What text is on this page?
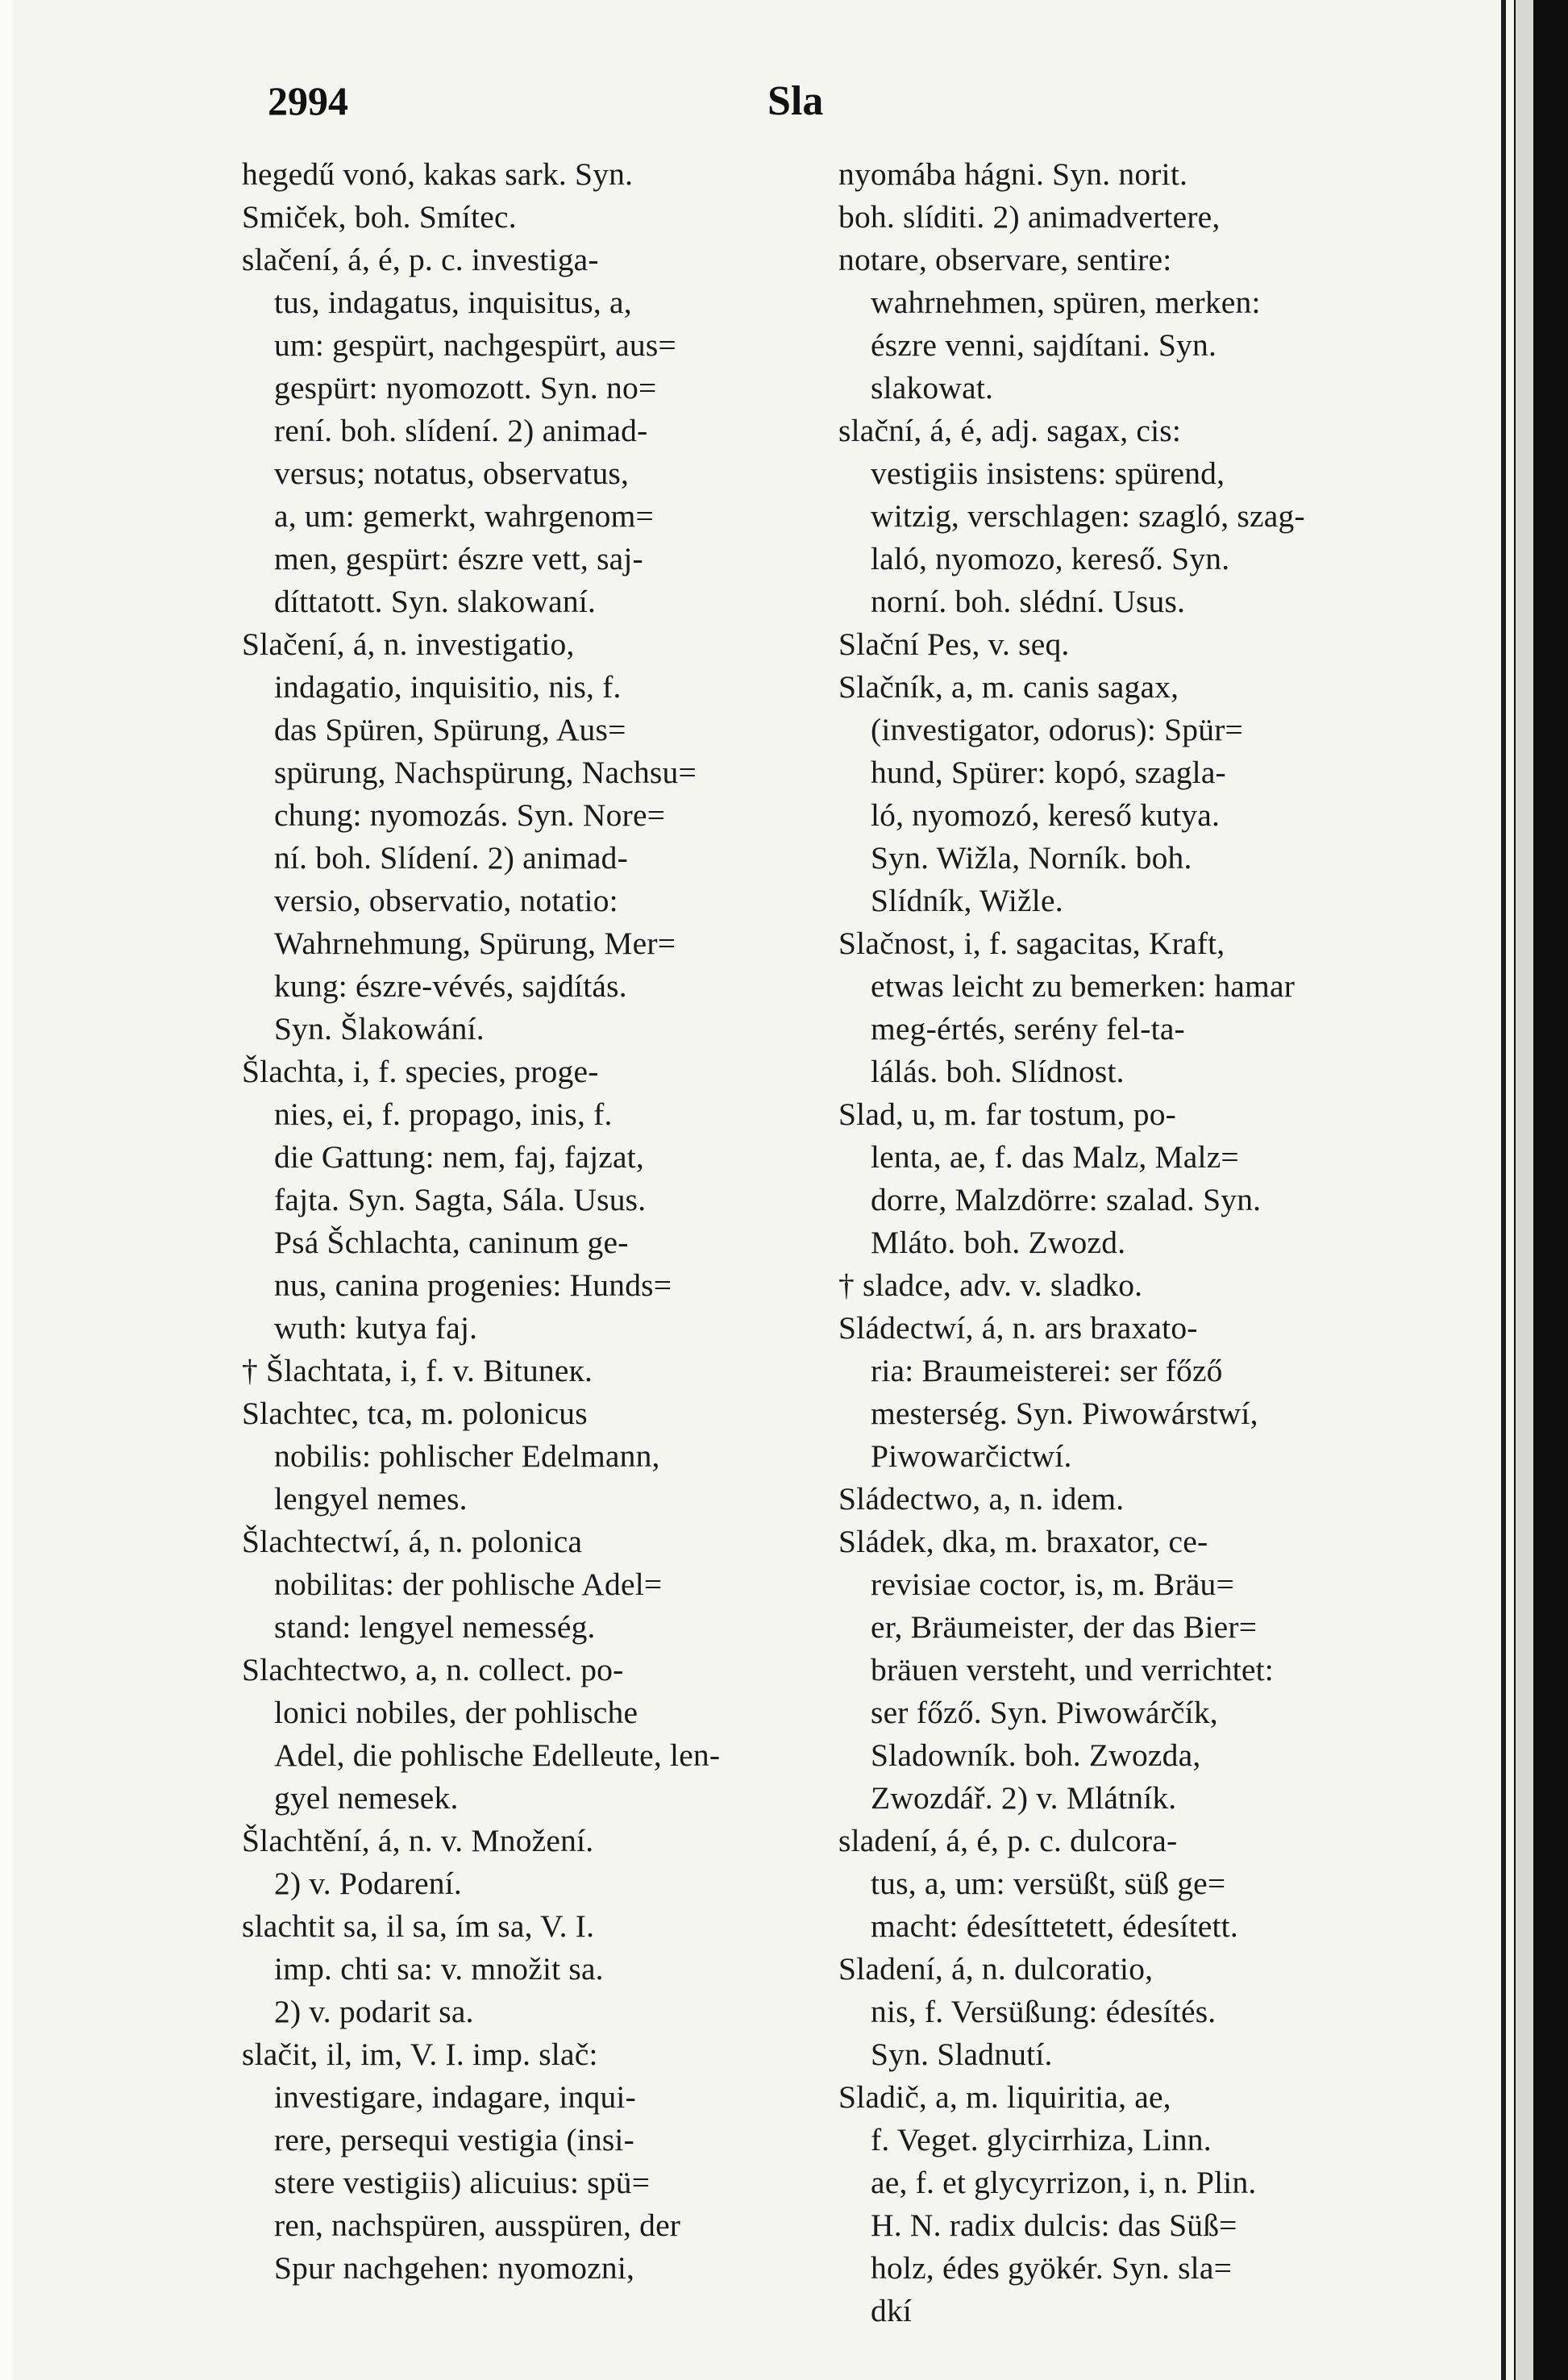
2994	Sla
hegedű vonó, kakas sark. Syn.
Smiček, boh. Smítec.
slačení, á, é, p. c. investiga-
tus, indagatus, inquisitus, a,
um: gespürt, nachgespürt, aus=
gespürt: nyomozott. Syn. no=
rení. boh. slídení. 2) animad-
versus; notatus, observatus,
a, um: gemerkt, wahrgenom=
men, gespürt: észre vett, saj-
díttatott. Syn. slakowaní.
Slačení, á, n. investigatio,
indagatio, inquisitio, nis, f.
das Spüren, Spürung, Aus=
spürung, Nachspürung, Nachsu=
chung: nyomozás. Syn. Nore=
ní. boh. Slídení. 2) animad-
versio, observatio, notatio:
Wahrnehmung, Spürung, Mer=
kung: észre-vévés, sajdítás.
Syn. Šlakowání.
Šlachta, i, f. species, proge-
nies, ei, f. propago, inis, f.
die Gattung: nem, faj, fajzat,
fajta. Syn. Sagta, Sála. Usus.
Psá Šchlachta, caninum ge-
nus, canina progenies: Hunds=
wuth: kutya faj.
† Šlachtata, i, f. v. Bituneк.
Slachtec, tca, m. polonicus
nobilis: pohlischer Edelmann,
lengyel nemes.
Šlachtectwí, á, n. polonica
nobilitas: der pohlische Adel=
stand: lengyel nemesség.
Slachtectwo, a, n. collect. po-
lonici nobiles, der pohlische
Adel, die pohlische Edelleute, len-
gyel nemesek.
Šlachtění, á, n. v. Množení.
2) v. Podarení.
slachtit sa, il sa, ím sa, V. I.
imp. chti sa: v. množit sa.
2) v. podarit sa.
slačit, il, im, V. I. imp. slač:
investigare, indagare, inqui-
rere, persequi vestigia (insi-
stere vestigiis) alicuius: spü=
ren, nachspüren, ausspüren, der
Spur nachgehen: nyomozni,
nyomába hágni. Syn. norit.
boh. slíditi. 2) animadvertere,
notare, observare, sentire:
wahrnehmen, spüren, merken:
észre venni, sajdítani. Syn.
slakowat.
slační, á, é, adj. sagax, cis:
vestigiis insistens: spürend,
witzig, verschlagen: szagló, szag-
laló, nyomozo, kereső. Syn.
norní. boh. slédní. Usus.
Slační Pes, v. seq.
Slačník, a, m. canis sagax,
(investigator, odorus): Spür=
hund, Spürer: kopó, szagla-
ló, nyomozó, kereső kutya.
Syn. Wižla, Norník. boh.
Slídník, Wižle.
Slačnost, i, f. sagacitas, Kraft,
etwas leicht zu bemerken: hamar
meg-értés, serény fel-ta-
lálás. boh. Slídnost.
Slad, u, m. far tostum, po-
lenta, ae, f. das Malz, Malz=
dorre, Malzdörre: szalad. Syn.
Mláto. boh. Zwozd.
† sladce, adv. v. sladko.
Sládectwí, á, n. ars braxato-
ria: Braumeisterei: ser főző
mesterség. Syn. Piwowárstwí,
Piwowarčictwí.
Sládectwo, a, n. idem.
Sládek, dka, m. braxator, ce-
revisiae coctor, is, m. Bräu=
er, Bräumeister, der das Bier=
bräuen versteht, und verrichtet:
ser főző. Syn. Piwowárčík,
Sladowník. boh. Zwozda,
Zwozdář. 2) v. Mlátník.
sladení, á, é, p. c. dulcora-
tus, a, um: versüßt, süß ge=
macht: édesíttetett, édesített.
Sladení, á, n. dulcoratio,
nis, f. Versüßung: édesítés.
Syn. Sladnutí.
Sladič, a, m. liquiritia, ae,
f. Veget. glycirrhiza, Linn.
ae, f. et glycyrrizon, i, n. Plin.
H. N. radix dulcis: das Süß=
holz, édes gyökér. Syn. sla=
dkí
